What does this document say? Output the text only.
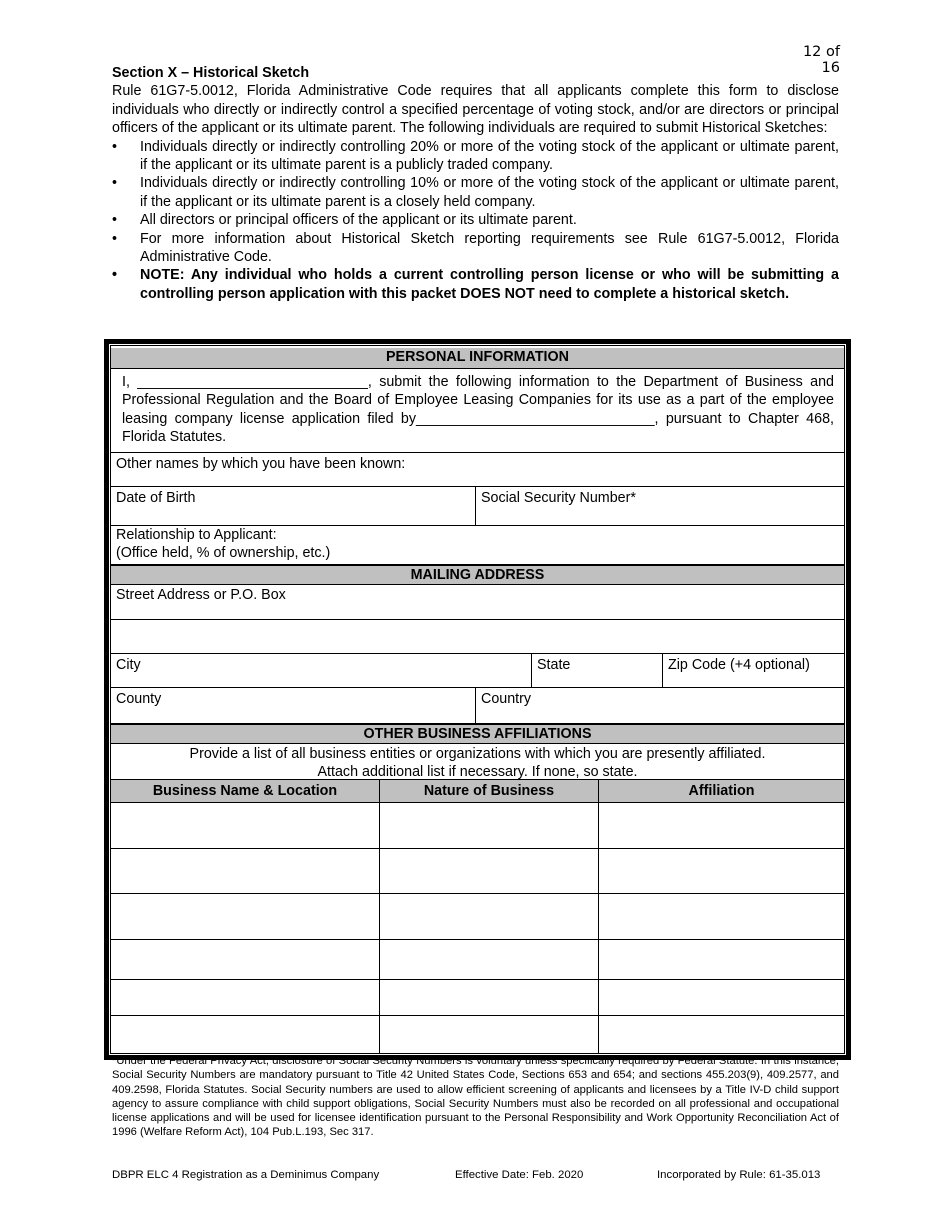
12 of 16
Section X – Historical Sketch

Rule 61G7-5.0012, Florida Administrative Code requires that all applicants complete this form to disclose individuals who directly or indirectly control a specified percentage of voting stock, and/or are directors or principal officers of the applicant or its ultimate parent. The following individuals are required to submit Historical Sketches:

• Individuals directly or indirectly controlling 20% or more of the voting stock of the applicant or ultimate parent, if the applicant or its ultimate parent is a publicly traded company.
• Individuals directly or indirectly controlling 10% or more of the voting stock of the applicant or ultimate parent, if the applicant or its ultimate parent is a closely held company.
• All directors or principal officers of the applicant or its ultimate parent.
• For more information about Historical Sketch reporting requirements see Rule 61G7-5.0012, Florida Administrative Code.
• NOTE: Any individual who holds a current controlling person license or who will be submitting a controlling person application with this packet DOES NOT need to complete a historical sketch.
PERSONAL INFORMATION
I, _____________________________, submit the following information to the Department of Business and Professional Regulation and the Board of Employee Leasing Companies for its use as a part of the employee leasing company license application filed by______________________________, pursuant to Chapter 468, Florida Statutes.
Other names by which you have been known:
Date of Birth	Social Security Number*
Relationship to Applicant:
(Office held, % of ownership, etc.)
MAILING ADDRESS
Street Address or P.O. Box
City	State	Zip Code (+4 optional)
County	Country
OTHER BUSINESS AFFILIATIONS
Provide a list of all business entities or organizations with which you are presently affiliated.
Attach additional list if necessary. If none, so state.
Business Name & Location	Nature of Business	Affiliation
*Under the Federal Privacy Act, disclosure of Social Security Numbers is voluntary unless specifically required by Federal Statute. In this instance, Social Security Numbers are mandatory pursuant to Title 42 United States Code, Sections 653 and 654; and sections 455.203(9), 409.2577, and 409.2598, Florida Statutes. Social Security numbers are used to allow efficient screening of applicants and licensees by a Title IV-D child support agency to assure compliance with child support obligations, Social Security Numbers must also be recorded on all professional and occupational license applications and will be used for licensee identification pursuant to the Personal Responsibility and Work Opportunity Reconciliation Act of 1996 (Welfare Reform Act), 104 Pub.L.193, Sec 317.
DBPR ELC 4 Registration as a Deminimus Company	Effective Date: Feb. 2020	Incorporated by Rule: 61-35.013
